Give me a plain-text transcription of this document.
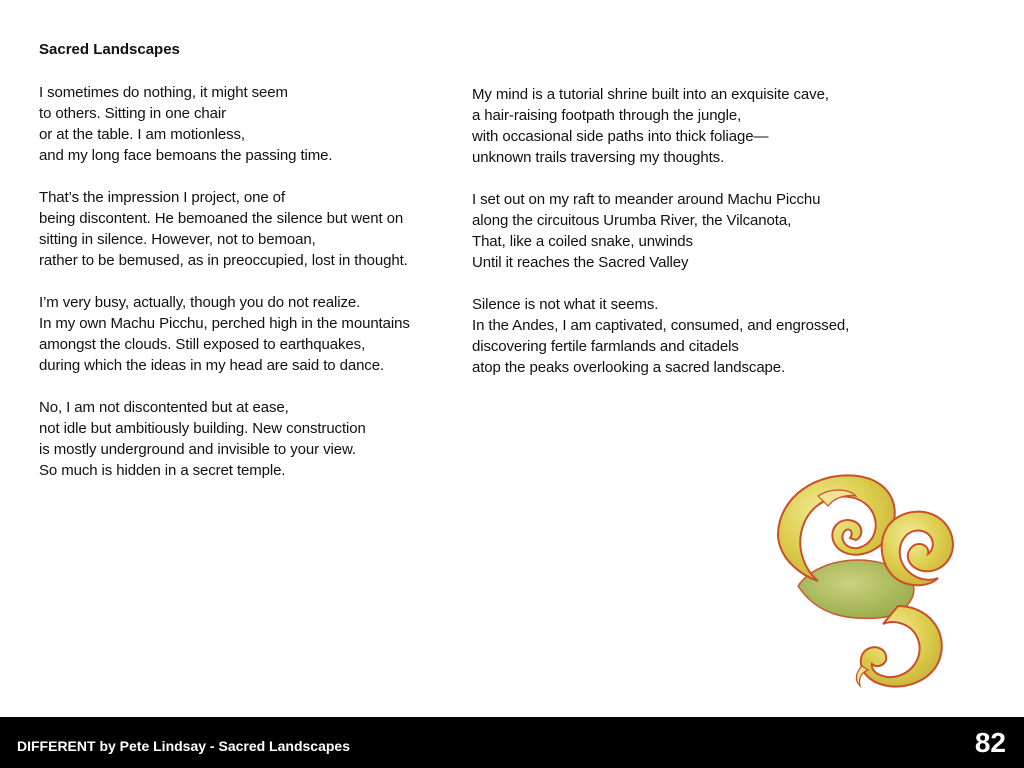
Sacred Landscapes

I sometimes do nothing, it might seem
to others. Sitting in one chair
or at the table. I am motionless,
and my long face bemoans the passing time.

That’s the impression I project, one of
being discontent. He bemoaned the silence but went on
sitting in silence. However, not to bemoan,
rather to be bemused, as in preoccupied, lost in thought.

I’m very busy, actually, though you do not realize.
In my own Machu Picchu, perched high in the mountains
amongst the clouds. Still exposed to earthquakes,
during which the ideas in my head are said to dance.

No, I am not discontented but at ease,
not idle but ambitiously building. New construction
is mostly underground and invisible to your view.
So much is hidden in a secret temple.

My mind is a tutorial shrine built into an exquisite cave,
a hair-raising footpath through the jungle,
with occasional side paths into thick foliage—
unknown trails traversing my thoughts.

I set out on my raft to meander around Machu Picchu
along the circuitous Urumba River, the Vilcanota,
That, like a coiled snake, unwinds
Until it reaches the Sacred Valley

Silence is not what it seems.
In the Andes, I am captivated, consumed, and engrossed,
discovering fertile farmlands and citadels
atop the peaks overlooking a sacred landscape.

DIFFERENT by Pete Lindsay - Sacred Landscapes	82
